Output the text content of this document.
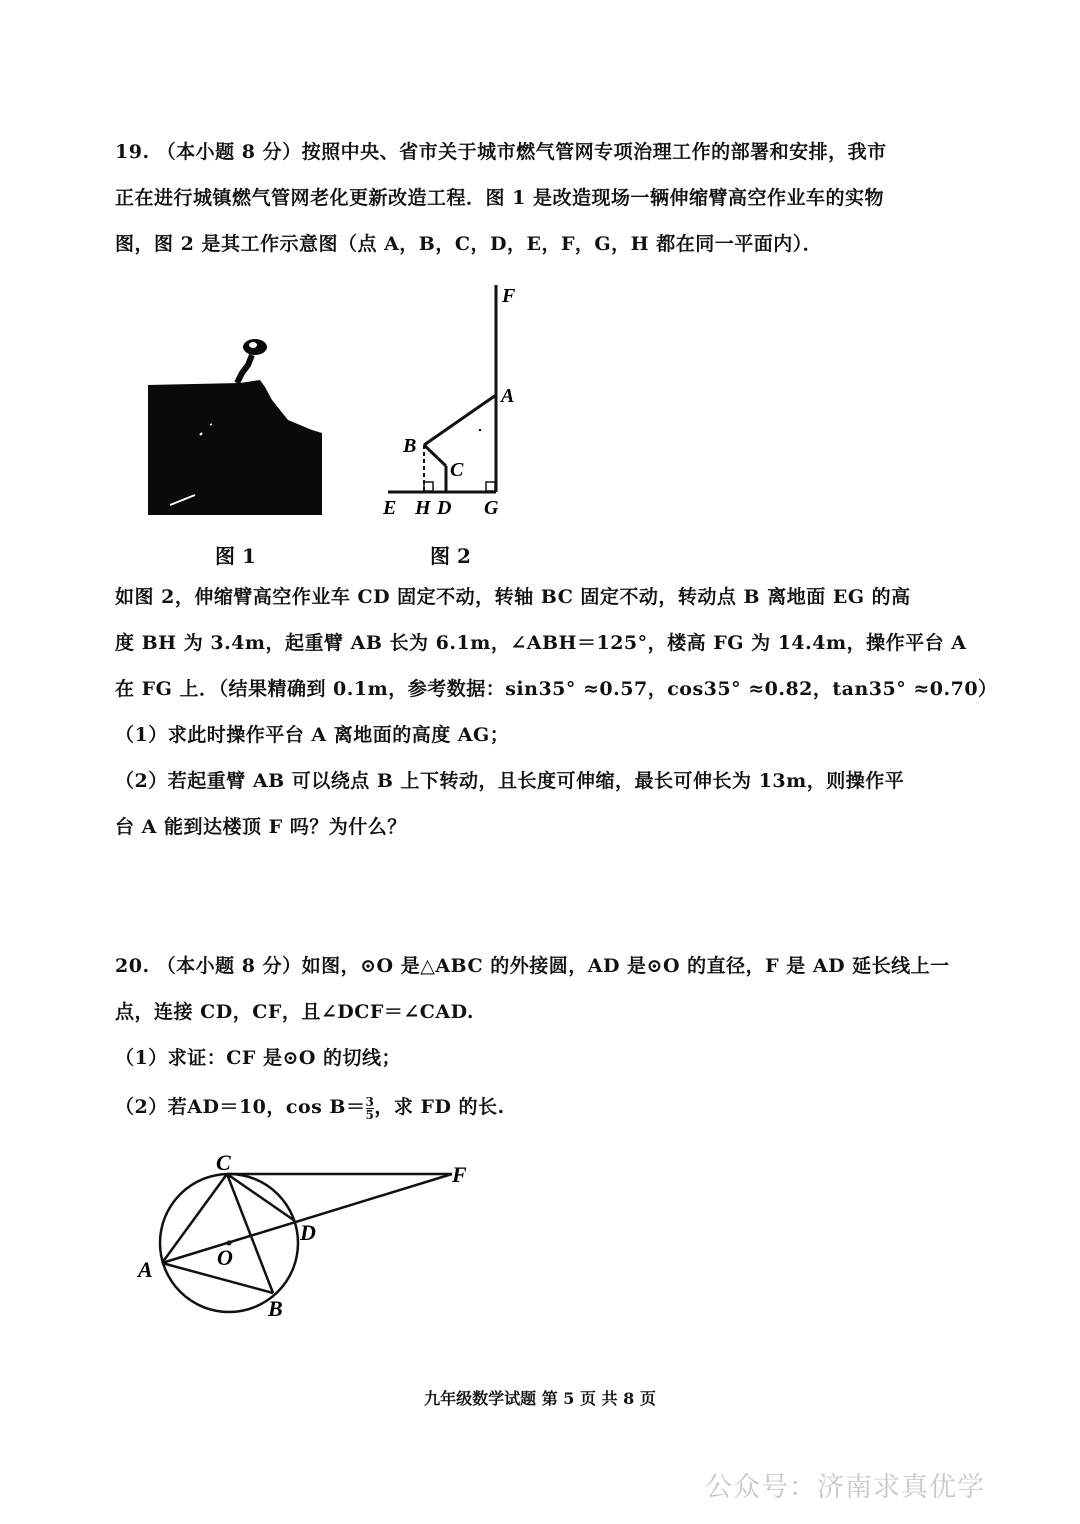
19. （本小题 8 分）按照中央、省市关于城市燃气管网专项治理工作的部署和安排，我市
正在进行城镇燃气管网老化更新改造工程．图 1 是改造现场一辆伸缩臂高空作业车的实物
图，图 2 是其工作示意图（点 A，B，C，D，E，F，G，H 都在同一平面内）．
图 1
F
A
B
C
E H D G
图 2
如图 2，伸缩臂高空作业车 CD 固定不动，转轴 BC 固定不动，转动点 B 离地面 EG 的高
度 BH 为 3.4m，起重臂 AB 长为 6.1m，∠ABH＝125°，楼高 FG 为 14.4m，操作平台 A
在 FG 上．（结果精确到 0.1m，参考数据：sin35° ≈0.57，cos35° ≈0.82，tan35° ≈0.70）
（1）求此时操作平台 A 离地面的高度 AG；
（2）若起重臂 AB 可以绕点 B 上下转动，且长度可伸缩，最长可伸长为 13m，则操作平
台 A 能到达楼顶 F 吗？为什么？
20. （本小题 8 分）如图，⊙O 是△ABC 的外接圆，AD 是⊙O 的直径，F 是 AD 延长线上一
点，连接 CD，CF，且∠DCF＝∠CAD.
（1）求证：CF 是⊙O 的切线；
（2）若AD＝10，$\cos B= \frac{3}{5}$ ，求 FD 的长.
C	F
D
O
A
B
九年级数学试题 第 5 页 共 8 页
公众号：济南求真优学
